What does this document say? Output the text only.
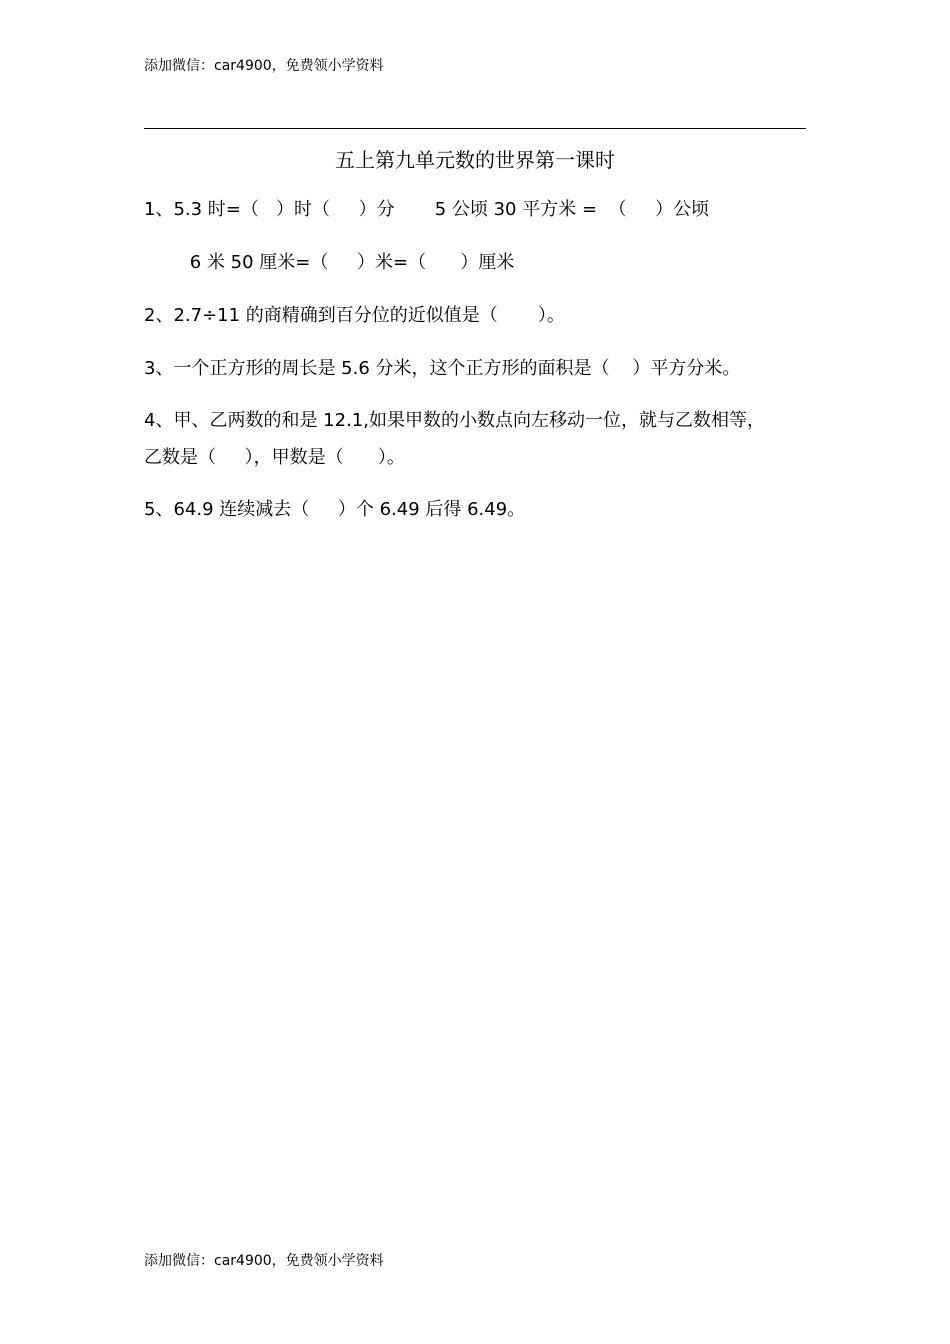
添加微信：car4900，免费领小学资料
五上第九单元数的世界第一课时
1、5.3 时=（   ）时（     ）分       5 公顷 30 平方米 =  （     ）公顷
6 米 50 厘米=（     ）米=（      ）厘米
2、2.7÷11 的商精确到百分位的近似值是（       ）。
3、一个正方形的周长是 5.6 分米，这个正方形的面积是（    ）平方分米。
4、甲、乙两数的和是 12.1,如果甲数的小数点向左移动一位，就与乙数相等，
乙数是（     ），甲数是（      ）。
5、64.9 连续减去（     ）个 6.49 后得 6.49。
添加微信：car4900，免费领小学资料
